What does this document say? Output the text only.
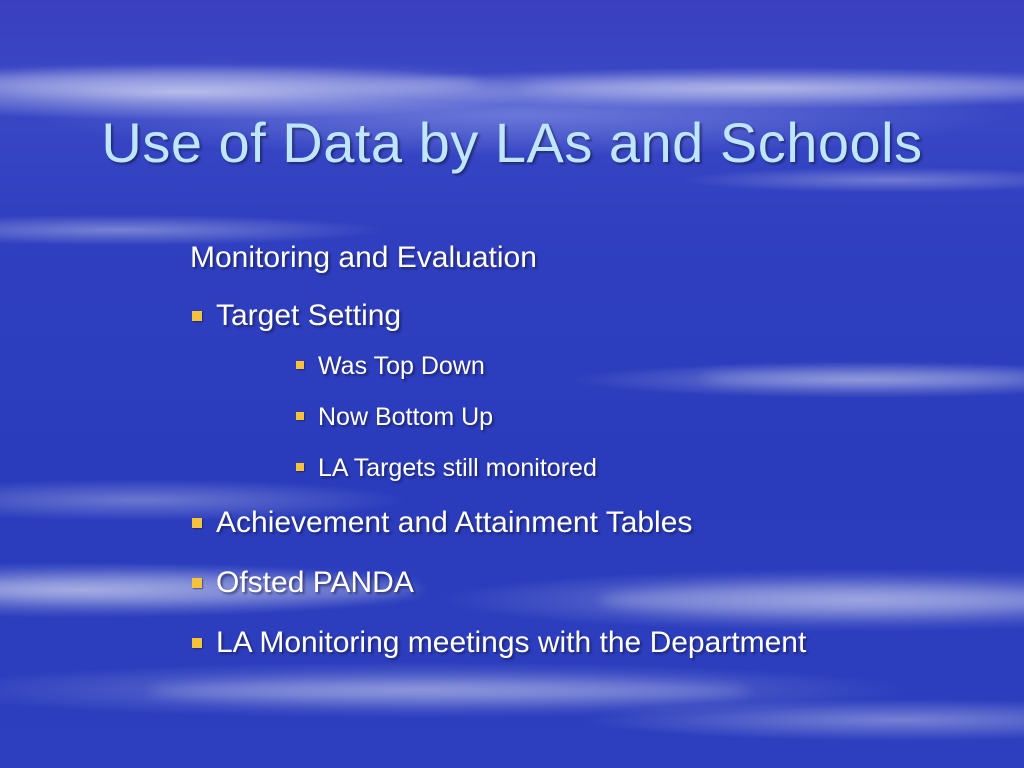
Use of Data by LAs and Schools
Monitoring and Evaluation
Target Setting
Was Top Down
Now Bottom Up
LA Targets still monitored
Achievement and Attainment Tables
Ofsted PANDA
LA Monitoring meetings with the Department
